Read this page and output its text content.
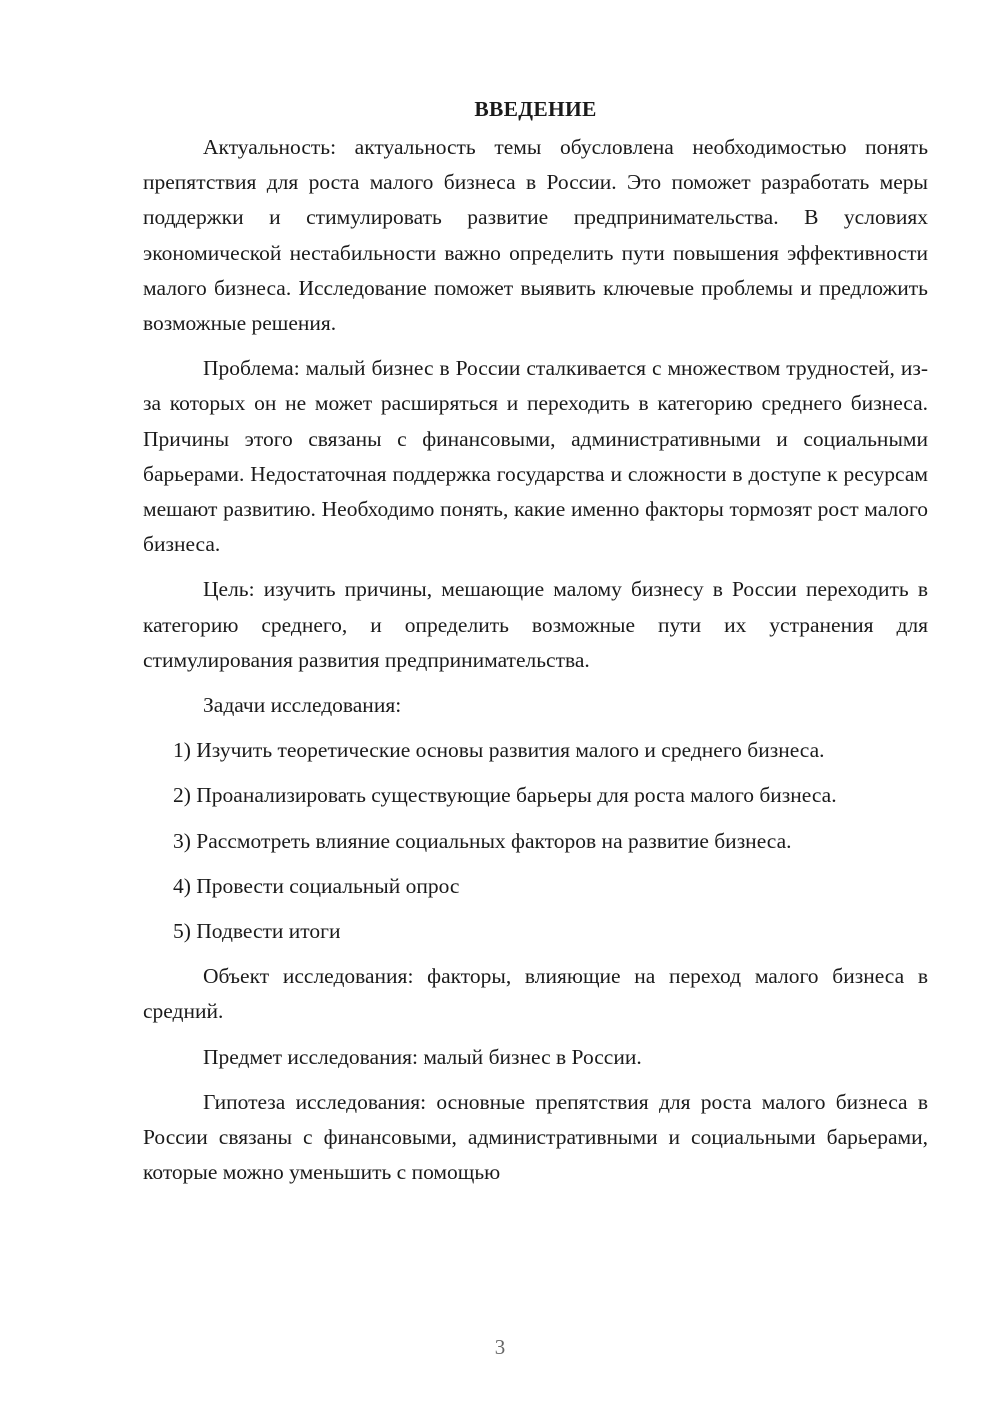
ВВЕДЕНИЕ

Актуальность: актуальность темы обусловлена необходимостью понять препятствия для роста малого бизнеса в России. Это поможет разработать меры поддержки и стимулировать развитие предпринимательства. В условиях экономической нестабильности важно определить пути повышения эффективности малого бизнеса. Исследование поможет выявить ключевые проблемы и предложить возможные решения.

Проблема: малый бизнес в России сталкивается с множеством трудностей, из-за которых он не может расширяться и переходить в категорию среднего бизнеса. Причины этого связаны с финансовыми, административными и социальными барьерами. Недостаточная поддержка государства и сложности в доступе к ресурсам мешают развитию. Необходимо понять, какие именно факторы тормозят рост малого бизнеса.

Цель: изучить причины, мешающие малому бизнесу в России переходить в категорию среднего, и определить возможные пути их устранения для стимулирования развития предпринимательства.

Задачи исследования:

1) Изучить теоретические основы развития малого и среднего бизнеса.

2) Проанализировать существующие барьеры для роста малого бизнеса.

3) Рассмотреть влияние социальных факторов на развитие бизнеса.

4) Провести социальный опрос

5) Подвести итоги

Объект исследования: факторы, влияющие на переход малого бизнеса в средний.

Предмет исследования: малый бизнес в России.

Гипотеза исследования: основные препятствия для роста малого бизнеса в России связаны с финансовыми, административными и социальными барьерами, которые можно уменьшить с помощью

3
